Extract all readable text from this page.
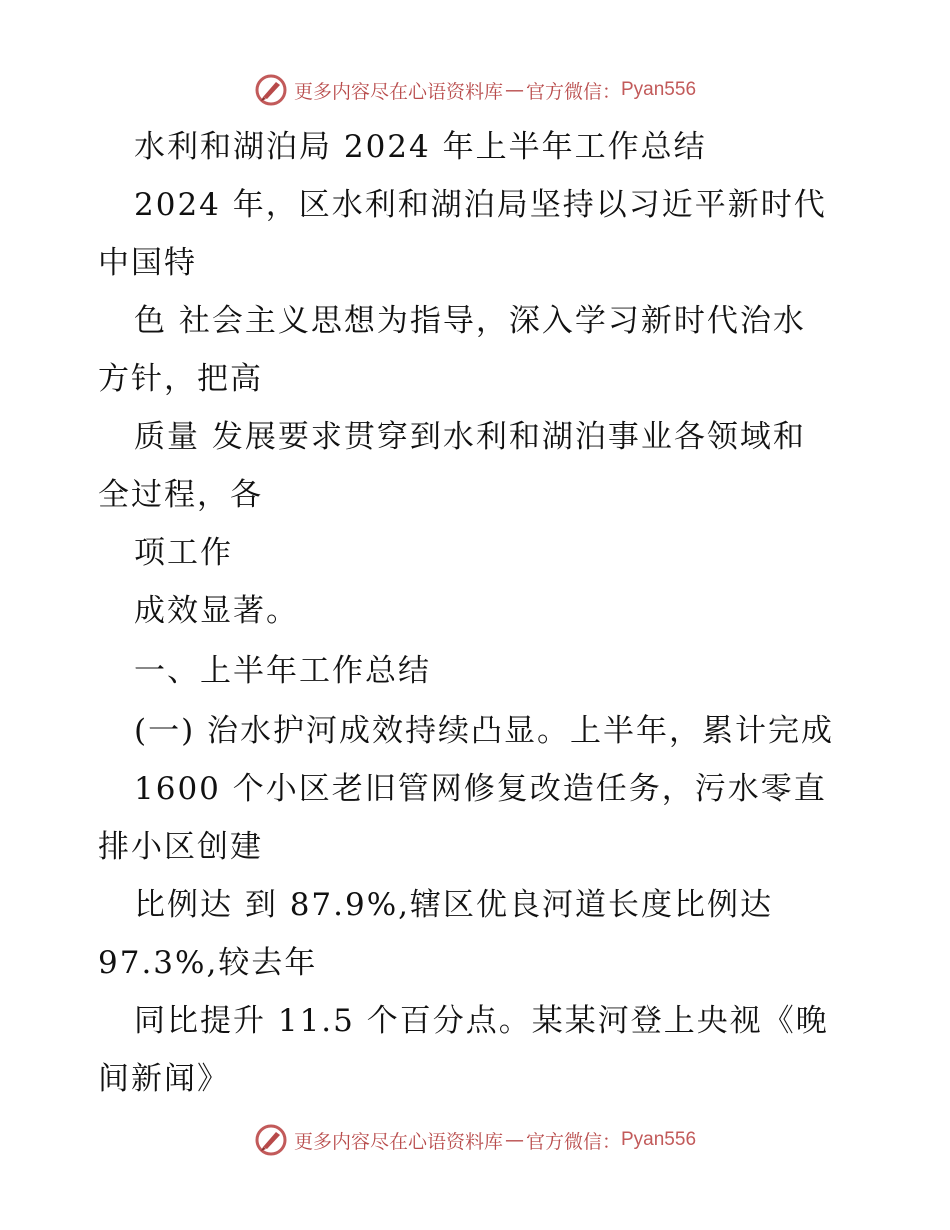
更多内容尽在心语资料库 — 官方微信： Pyan556
水利和湖泊局 2024 年上半年工作总结
2024 年，区水利和湖泊局坚持以习近平新时代
中国特
色 社会主义思想为指导，深入学习新时代治水
方针，把高
质量 发展要求贯穿到水利和湖泊事业各领域和
全过程，各
项工作
成效显著。
一、上半年工作总结
(一) 治水护河成效持续凸显。上半年，累计完成
1600 个小区老旧管网修复改造任务，污水零直
排小区创建
比例达 到 87.9%,辖区优良河道长度比例达
97.3%,较去年
同比提升 11.5 个百分点。某某河登上央视《晚
间新闻》
更多内容尽在心语资料库 — 官方微信： Pyan556
